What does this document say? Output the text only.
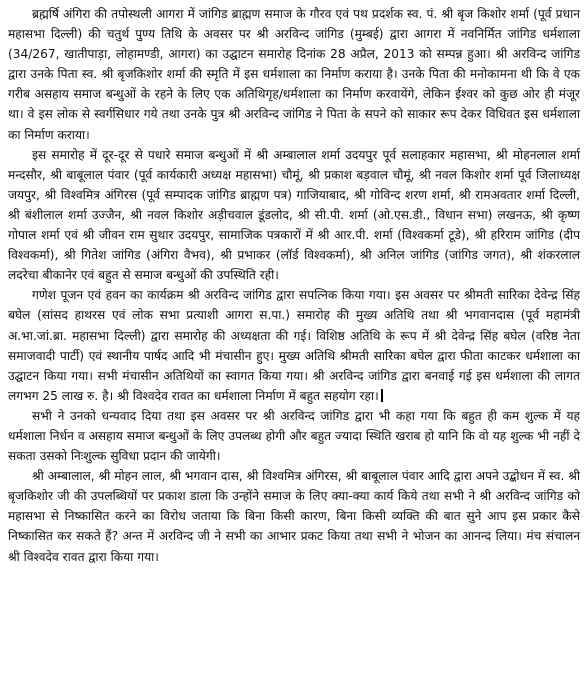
ब्रह्मर्षि अंगिरा की तपोस्थली आगरा में जांगिड ब्राह्मण समाज के गौरव एवं पथ प्रदर्शक स्व. पं. श्री बृज किशोर शर्मा (पूर्व प्रधान महासभा दिल्ली) की चतुर्थ पुण्य तिथि के अवसर पर श्री अरविन्द जांगिड (मुम्बई) द्वारा आगरा में नवनिर्मित जांगिड धर्मशाला (34/267, खातीपाड़ा, लोहामण्डी, आगरा) का उद्घाटन समारोह दिनांक 28 अप्रैल, 2013 को सम्पन्न हुआ। श्री अरविन्द जांगिड द्वारा उनके पिता स्व. श्री बृजकिशोर शर्मा की स्मृति में इस धर्मशाला का निर्माण कराया है। उनके पिता की मनोकामना थी कि वे एक गरीब असहाय समाज बन्धुओं के रहने के लिए एक अतिथिगृह/धर्मशाला का निर्माण करवायेंगे, लेकिन ईश्वर को कुछ ओर ही मंजूर था। वे इस लोक से स्वर्गसिधार गये तथा उनके पुत्र श्री अरविन्द जांगिड ने पिता के सपने को साकार रूप देकर विधिवत इस धर्मशाला का निर्माण कराया।

इस समारोह में दूर-दूर से पधारे समाज बन्धुओं में श्री अम्बालाल शर्मा उदयपुर पूर्व सलाहकार महासभा, श्री मोहनलाल शर्मा मन्दसौर, श्री बाबूलाल पंवार (पूर्व कार्यकारी अध्यक्ष महासभा) चौमूं, श्री प्रकाश बड़वाल चौमूं, श्री नवल किशोर शर्मा पूर्व जिलाध्यक्ष जयपुर, श्री विश्वमित्र अंगिरस (पूर्व सम्पादक जांगिड ब्राह्मण पत्र) गाजियाबाद, श्री गोविन्द शरण शर्मा, श्री रामअवतार शर्मा दिल्ली, श्री बंशीलाल शर्मा उज्जैन, श्री नवल किशोर अड़ीचवाल डूंडलोद, श्री सी.पी. शर्मा (ओ.एस.डी., विधान सभा) लखनऊ, श्री कृष्ण गोपाल शर्मा एवं श्री जीवन राम सुथार उदयपुर, सामाजिक पत्रकारों में श्री आर.पी. शर्मा (विश्वकर्मा टूडे), श्री हरिराम जांगिड (दीप विश्वकर्मा), श्री गितेश जांगिड (अंगिरा वैभव), श्री प्रभाकर (लॉर्ड विश्वकर्मा), श्री अनिल जांगिड (जांगिड जगत), श्री शंकरलाल लदरेचा बीकानेर एवं बहुत से समाज बन्धुओं की उपस्थिति रही।

गणेश पूजन एवं हवन का कार्यक्रम श्री अरविन्द जांगिड द्वारा सपत्निक किया गया। इस अवसर पर श्रीमती सारिका देवेन्द्र सिंह बघेल (सांसद हाथरस एवं लोक सभा प्रत्याशी आगरा स.पा.) समारोह की मुख्य अतिथि तथा श्री भगवानदास (पूर्व महामंत्री अ.भा.जां.ब्रा. महासभा दिल्ली) द्वारा समारोह की अध्यक्षता की गई। विशिष्ठ अतिथि के रूप में श्री देवेन्द्र सिंह बघेल (वरिष्ठ नेता समाजवादी पार्टी) एवं स्थानीय पार्षद आदि भी मंचासीन हुए। मुख्य अतिथि श्रीमती सारिका बघेल द्वारा फीता काटकर धर्मशाला का उद्घाटन किया गया। सभी मंचासीन अतिथियों का स्वागत किया गया। श्री अरविन्द जांगिड द्वारा बनवाई गई इस धर्मशाला की लागत लगभग 25 लाख रु. है। श्री विश्वदेव रावत का धर्मशाला निर्माण में बहुत सहयोग रहा।

सभी ने उनको धन्यवाद दिया तथा इस अवसर पर श्री अरविन्द जांगिड द्वारा भी कहा गया कि बहुत ही कम शुल्क में यह धर्मशाला निर्धन व असहाय समाज बन्धुओं के लिए उपलब्ध होगी और बहुत ज्यादा स्थिति खराब हो यानि कि वो यह शुल्क भी नहीं दे सकता उसको निःशुल्क सुविधा प्रदान की जायेगी।

श्री अम्बालाल, श्री मोहन लाल, श्री भगवान दास, श्री विश्वमित्र अंगिरस, श्री बाबूलाल पंवार आदि द्वारा अपने उद्बोधन में स्व. श्री बृजकिशोर जी की उपलब्धियों पर प्रकाश डाला कि उन्होंने समाज के लिए क्या-क्या कार्य किये तथा सभी ने श्री अरविन्द जांगिड को महासभा से निष्कासित करने का विरोध जताया कि बिना किसी कारण, बिना किसी व्यक्ति की बात सुने आप इस प्रकार कैसे निष्कासित कर सकते हैं? अन्त में अरविन्द जी ने सभी का आभार प्रकट किया तथा सभी ने भोजन का आनन्द लिया। मंच संचालन श्री विश्वदेव रावत द्वारा किया गया।
